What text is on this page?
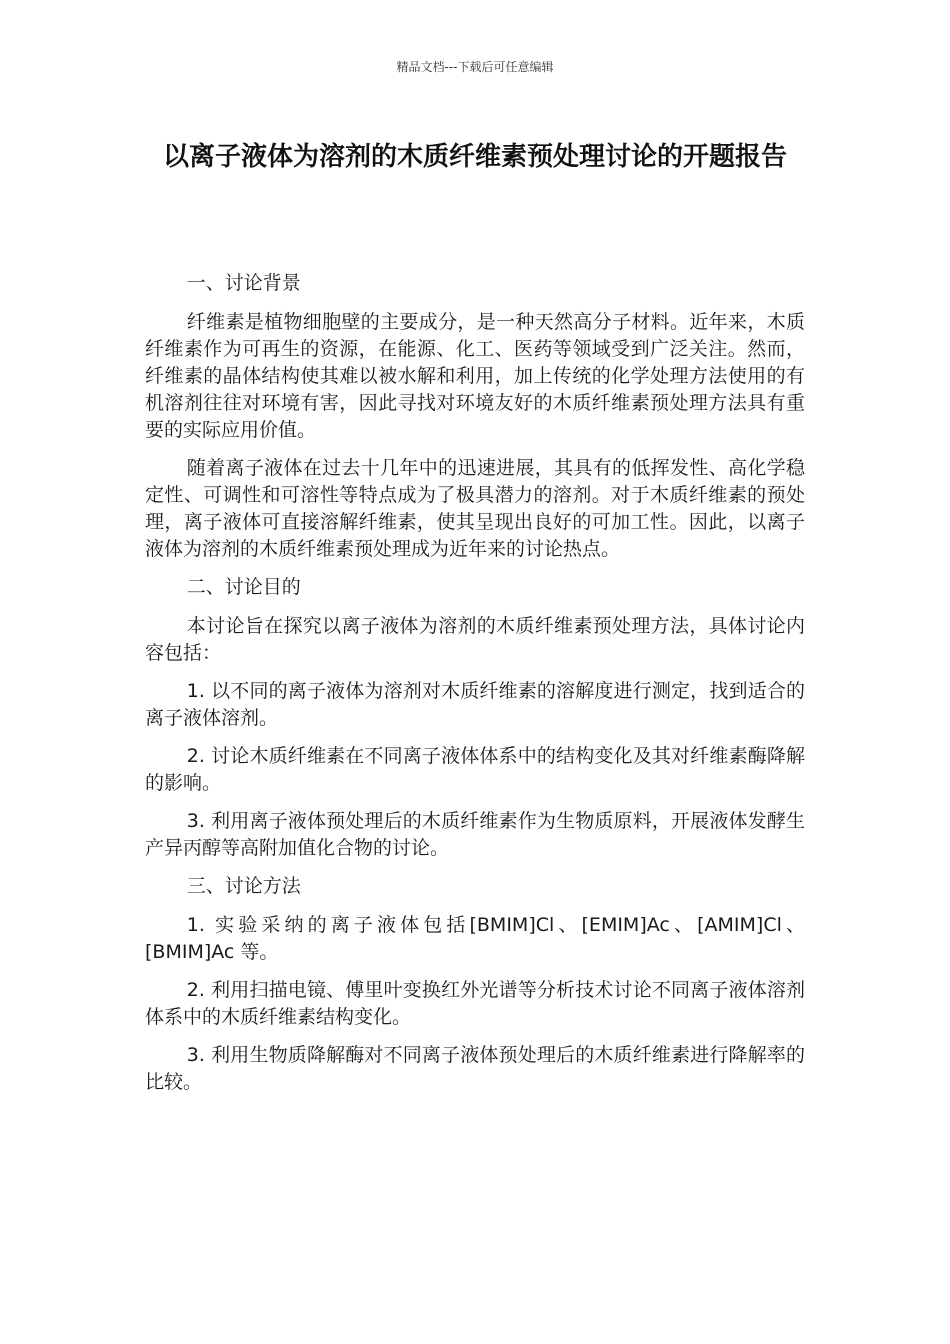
精品文档---下载后可任意编辑
以离子液体为溶剂的木质纤维素预处理讨论的开题报告

一、讨论背景

纤维素是植物细胞壁的主要成分，是一种天然高分子材料。近年来，木质纤维素作为可再生的资源，在能源、化工、医药等领域受到广泛关注。然而，纤维素的晶体结构使其难以被水解和利用，加上传统的化学处理方法使用的有机溶剂往往对环境有害，因此寻找对环境友好的木质纤维素预处理方法具有重要的实际应用价值。

随着离子液体在过去十几年中的迅速进展，其具有的低挥发性、高化学稳定性、可调性和可溶性等特点成为了极具潜力的溶剂。对于木质纤维素的预处理，离子液体可直接溶解纤维素，使其呈现出良好的可加工性。因此，以离子液体为溶剂的木质纤维素预处理成为近年来的讨论热点。

二、讨论目的

本讨论旨在探究以离子液体为溶剂的木质纤维素预处理方法，具体讨论内容包括：

1. 以不同的离子液体为溶剂对木质纤维素的溶解度进行测定，找到适合的离子液体溶剂。

2. 讨论木质纤维素在不同离子液体体系中的结构变化及其对纤维素酶降解的影响。

3. 利用离子液体预处理后的木质纤维素作为生物质原料，开展液体发酵生产异丙醇等高附加值化合物的讨论。

三、讨论方法

1. 实验采纳的离子液体包括[BMIM]Cl、[EMIM]Ac、[AMIM]Cl、[BMIM]Ac 等。

2. 利用扫描电镜、傅里叶变换红外光谱等分析技术讨论不同离子液体溶剂体系中的木质纤维素结构变化。

3. 利用生物质降解酶对不同离子液体预处理后的木质纤维素进行降解率的比较。
